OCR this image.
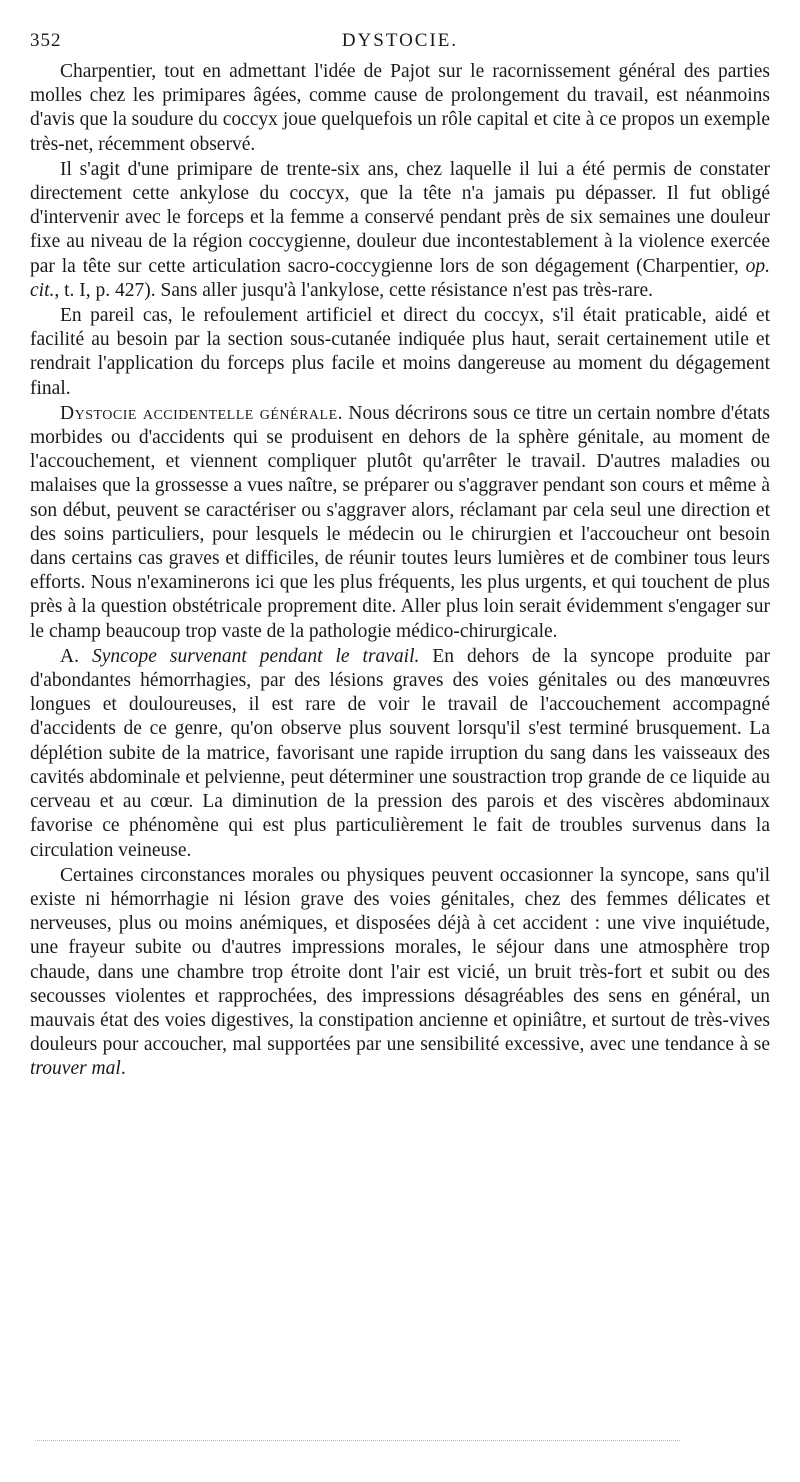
352	DYSTOCIE.

Charpentier, tout en admettant l'idée de Pajot sur le racornissement général des parties molles chez les primipares âgées, comme cause de prolongement du travail, est néanmoins d'avis que la soudure du coccyx joue quelquefois un rôle capital et cite à ce propos un exemple très-net, récemment observé.

Il s'agit d'une primipare de trente-six ans, chez laquelle il lui a été permis de constater directement cette ankylose du coccyx, que la tête n'a jamais pu dépasser. Il fut obligé d'intervenir avec le forceps et la femme a conservé pendant près de six semaines une douleur fixe au niveau de la région coccygienne, douleur due incontestablement à la violence exercée par la tête sur cette articulation sacro-coccygienne lors de son dégagement (Charpentier, op. cit., t. I, p. 427). Sans aller jusqu'à l'ankylose, cette résistance n'est pas très-rare.

En pareil cas, le refoulement artificiel et direct du coccyx, s'il était praticable, aidé et facilité au besoin par la section sous-cutanée indiquée plus haut, serait certainement utile et rendrait l'application du forceps plus facile et moins dangereuse au moment du dégagement final.

Dystocie accidentelle générale. Nous décrirons sous ce titre un certain nombre d'états morbides ou d'accidents qui se produisent en dehors de la sphère génitale, au moment de l'accouchement, et viennent compliquer plutôt qu'arrêter le travail. D'autres maladies ou malaises que la grossesse a vues naître, se préparer ou s'aggraver pendant son cours et même à son début, peuvent se caractériser ou s'aggraver alors, réclamant par cela seul une direction et des soins particuliers, pour lesquels le médecin ou le chirurgien et l'accoucheur ont besoin dans certains cas graves et difficiles, de réunir toutes leurs lumières et de combiner tous leurs efforts. Nous n'examinerons ici que les plus fréquents, les plus urgents, et qui touchent de plus près à la question obstétricale proprement dite. Aller plus loin serait évidemment s'engager sur le champ beaucoup trop vaste de la pathologie médico-chirurgicale.

A. Syncope survenant pendant le travail. En dehors de la syncope produite par d'abondantes hémorrhagies, par des lésions graves des voies génitales ou des manœuvres longues et douloureuses, il est rare de voir le travail de l'accouchement accompagné d'accidents de ce genre, qu'on observe plus souvent lorsqu'il s'est terminé brusquement. La déplétion subite de la matrice, favorisant une rapide irruption du sang dans les vaisseaux des cavités abdominale et pelvienne, peut déterminer une soustraction trop grande de ce liquide au cerveau et au cœur. La diminution de la pression des parois et des viscères abdominaux favorise ce phénomène qui est plus particulièrement le fait de troubles survenus dans la circulation veineuse.

Certaines circonstances morales ou physiques peuvent occasionner la syncope, sans qu'il existe ni hémorrhagie ni lésion grave des voies génitales, chez des femmes délicates et nerveuses, plus ou moins anémiques, et disposées déjà à cet accident : une vive inquiétude, une frayeur subite ou d'autres impressions morales, le séjour dans une atmosphère trop chaude, dans une chambre trop étroite dont l'air est vicié, un bruit très-fort et subit ou des secousses violentes et rapprochées, des impressions désagréables des sens en général, un mauvais état des voies digestives, la constipation ancienne et opiniâtre, et surtout de très-vives douleurs pour accoucher, mal supportées par une sensibilité excessive, avec une tendance à se trouver mal.
